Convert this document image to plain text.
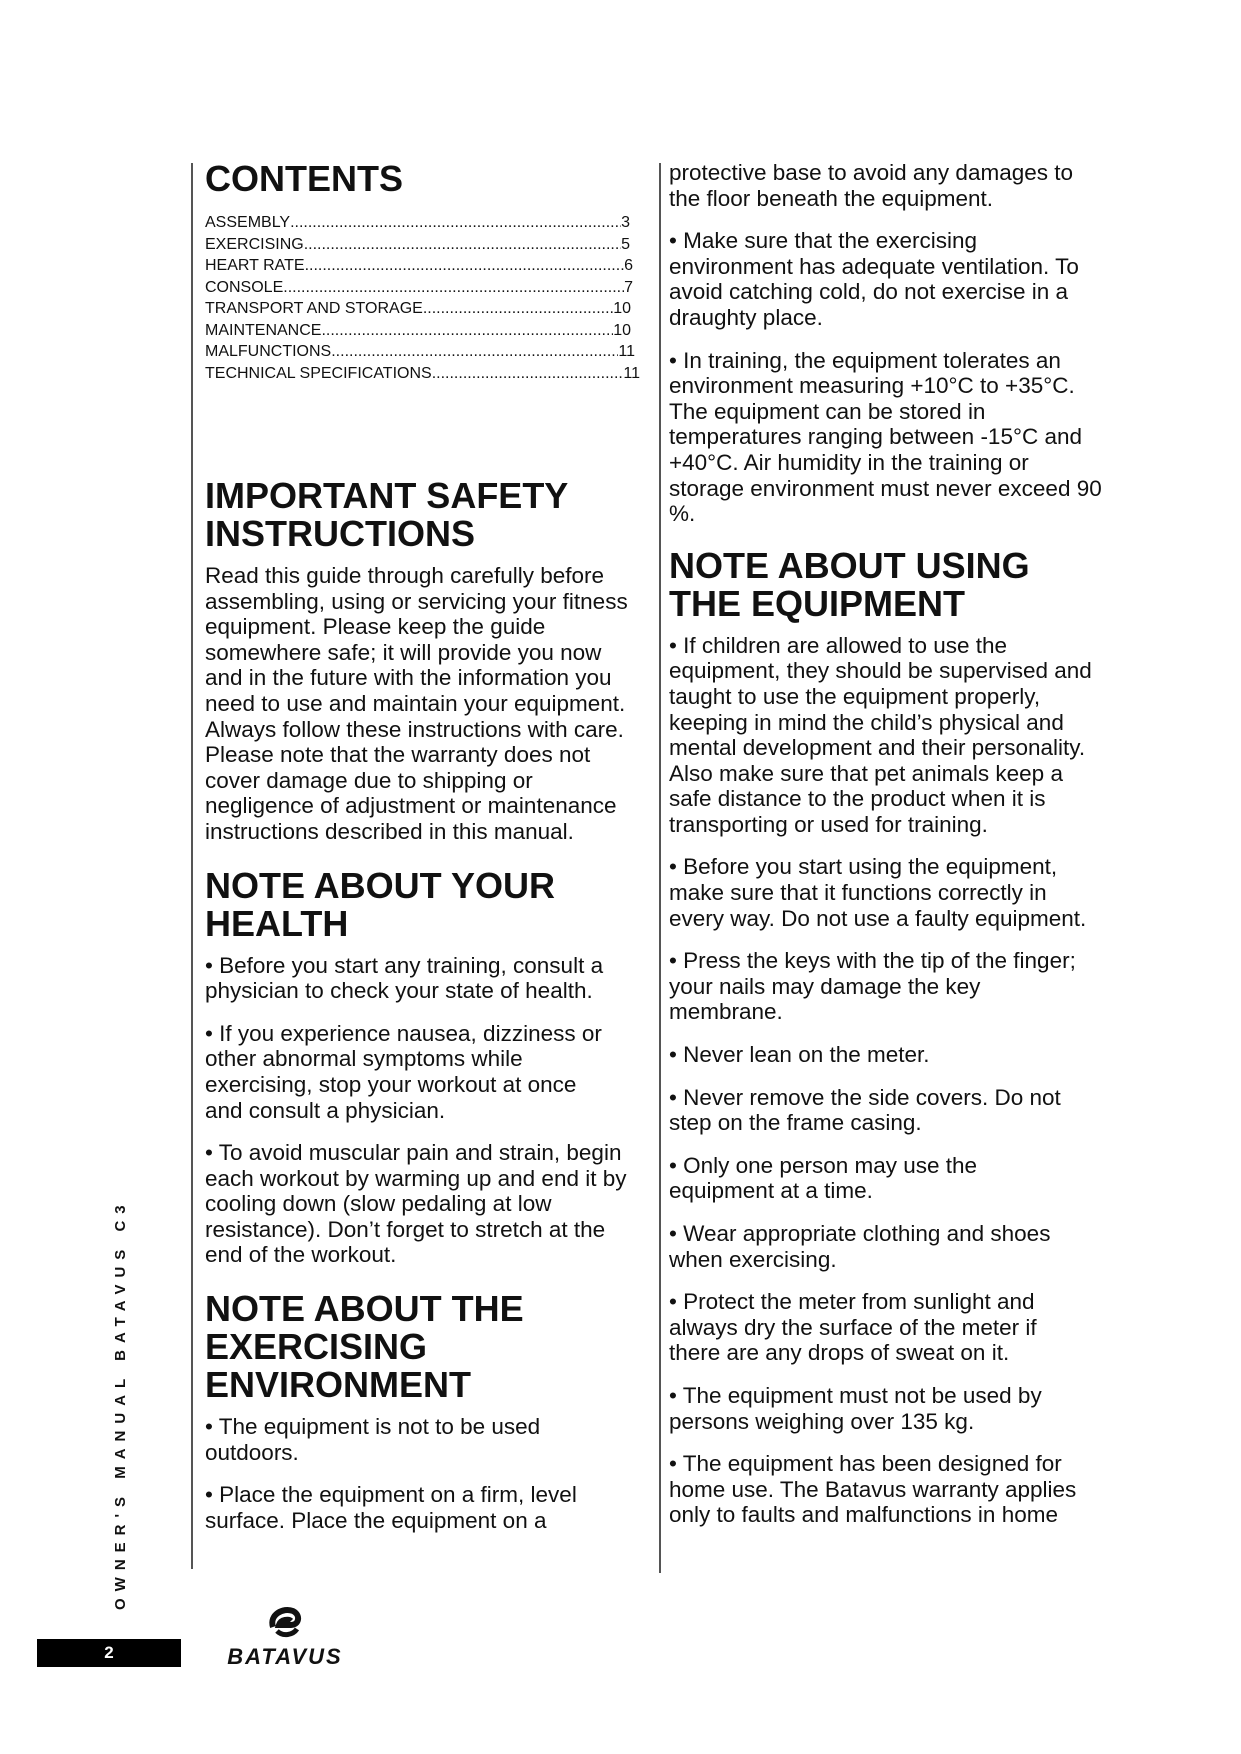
CONTENTS
ASSEMBLY .....	3
EXERCISING .....	5
HEART RATE .....	6
CONSOLE .....	7
TRANSPORT AND STORAGE .....	10
MAINTENANCE .....	10
MALFUNCTIONS .....	11
TECHNICAL SPECIFICATIONS .....	11
IMPORTANT SAFETY INSTRUCTIONS

Read this guide through carefully before assembling, using or servicing your fitness equipment. Please keep the guide somewhere safe; it will provide you now and in the future with the information you need to use and maintain your equipment. Always follow these instructions with care. Please note that the warranty does not cover damage due to shipping or negligence of adjustment or maintenance instructions described in this manual.

NOTE ABOUT YOUR HEALTH

• Before you start any training, consult a physician to check your state of health.

• If you experience nausea, dizziness or other abnormal symptoms while exercising, stop your workout at once and consult a physician.

• To avoid muscular pain and strain, begin each workout by warming up and end it by cooling down (slow pedaling at low resistance). Don’t forget to stretch at the end of the workout.

NOTE ABOUT THE EXERCISING ENVIRONMENT

• The equipment is not to be used outdoors.

• Place the equipment on a firm, level surface. Place the equipment on a

protective base to avoid any damages to the floor beneath the equipment.

• Make sure that the exercising environment has adequate ventilation. To avoid catching cold, do not exercise in a draughty place.

• In training, the equipment tolerates an environment measuring +10°C to +35°C. The equipment can be stored in temperatures ranging between -15°C and +40°C. Air humidity in the training or storage environment must never exceed 90 %.

NOTE ABOUT USING THE EQUIPMENT

• If children are allowed to use the equipment, they should be supervised and taught to use the equipment properly, keeping in mind the child’s physical and mental development and their personality. Also make sure that pet animals keep a safe distance to the product when it is transporting or used for training.

• Before you start using the equipment, make sure that it functions correctly in every way. Do not use a faulty equipment.

• Press the keys with the tip of the finger; your nails may damage the key membrane.

• Never lean on the meter.

• Never remove the side covers. Do not step on the frame casing.

• Only one person may use the equipment at a time.

• Wear appropriate clothing and shoes when exercising.

• Protect the meter from sunlight and always dry the surface of the meter if there are any drops of sweat on it.

• The equipment must not be used by persons weighing over 135 kg.

• The equipment has been designed for home use. The Batavus warranty applies only to faults and malfunctions in home

OWNER'S MANUAL BATAVUS C3
2	BATAVUS
